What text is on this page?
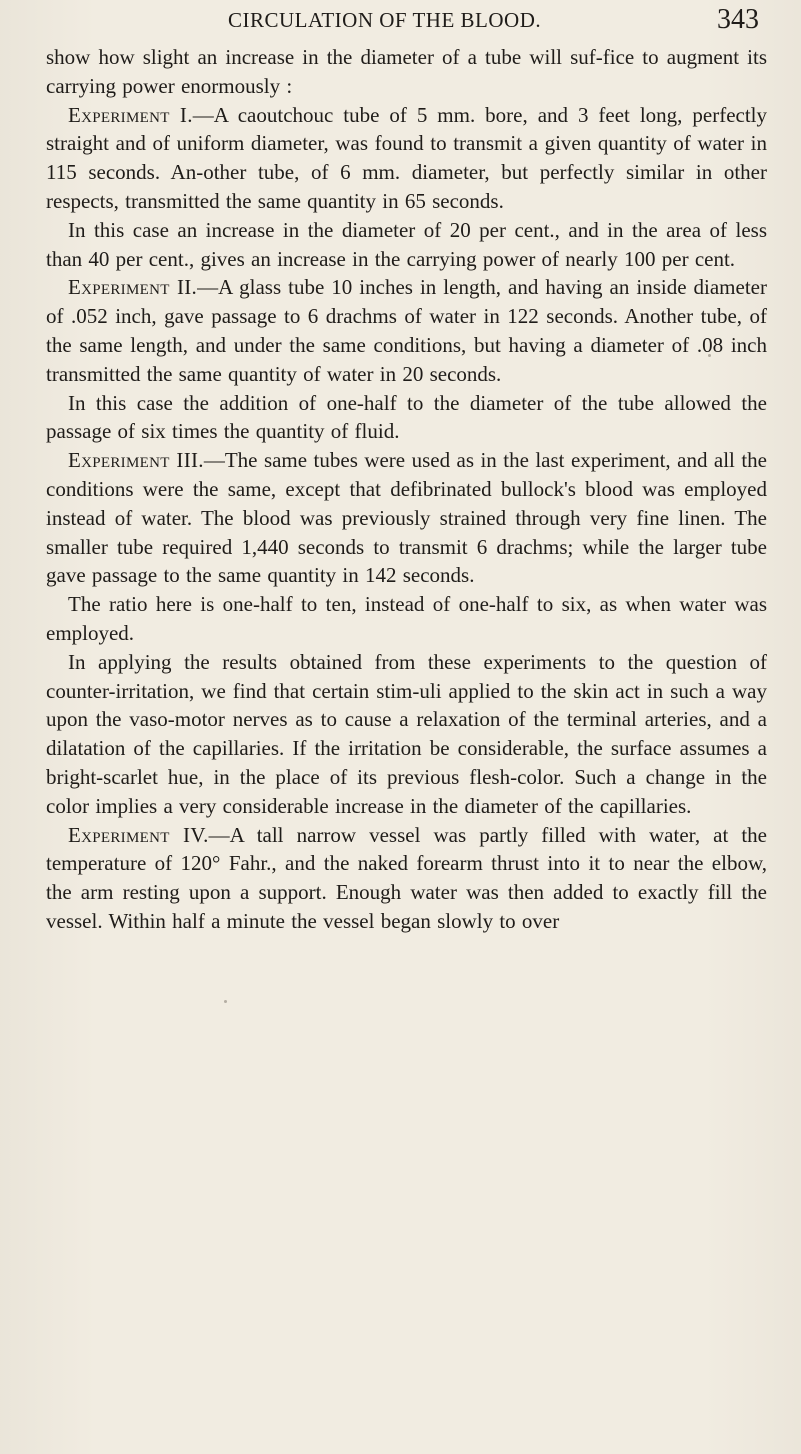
CIRCULATION OF THE BLOOD.	343

show how slight an increase in the diameter of a tube will suf-fice to augment its carrying power enormously :

Experiment I.—A caoutchouc tube of 5 mm. bore, and 3 feet long, perfectly straight and of uniform diameter, was found to transmit a given quantity of water in 115 seconds. An-other tube, of 6 mm. diameter, but perfectly similar in other respects, transmitted the same quantity in 65 seconds.

In this case an increase in the diameter of 20 per cent., and in the area of less than 40 per cent., gives an increase in the carrying power of nearly 100 per cent.

Experiment II.—A glass tube 10 inches in length, and having an inside diameter of .052 inch, gave passage to 6 drachms of water in 122 seconds. Another tube, of the same length, and under the same conditions, but having a diameter of .08 inch transmitted the same quantity of water in 20 seconds.

In this case the addition of one-half to the diameter of the tube allowed the passage of six times the quantity of fluid.

Experiment III.—The same tubes were used as in the last experiment, and all the conditions were the same, except that defibrinated bullock's blood was employed instead of water. The blood was previously strained through very fine linen. The smaller tube required 1,440 seconds to transmit 6 drachms; while the larger tube gave passage to the same quantity in 142 seconds.

The ratio here is one-half to ten, instead of one-half to six, as when water was employed.

In applying the results obtained from these experiments to the question of counter-irritation, we find that certain stim-uli applied to the skin act in such a way upon the vaso-motor nerves as to cause a relaxation of the terminal arteries, and a dilatation of the capillaries. If the irritation be considerable, the surface assumes a bright-scarlet hue, in the place of its previous flesh-color. Such a change in the color implies a very considerable increase in the diameter of the capillaries.

Experiment IV.—A tall narrow vessel was partly filled with water, at the temperature of 120° Fahr., and the naked forearm thrust into it to near the elbow, the arm resting upon a support. Enough water was then added to exactly fill the vessel. Within half a minute the vessel began slowly to over
